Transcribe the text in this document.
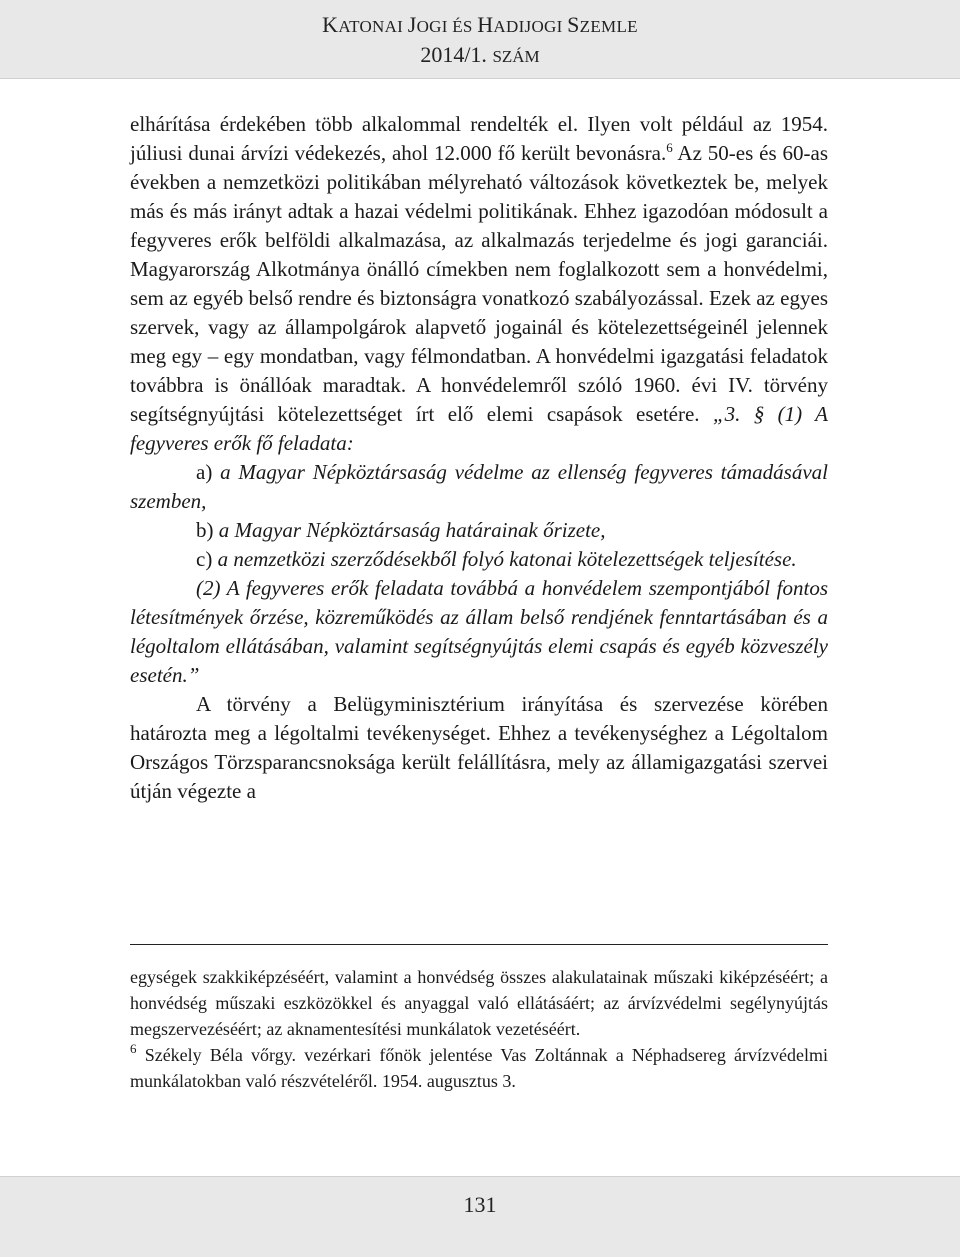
KATONAI JOGI ÉS HADIJOGI SZEMLE
2014/1. SZÁM

elhárítása érdekében több alkalommal rendelték el. Ilyen volt például az 1954. júliusi dunai árvízi védekezés, ahol 12.000 fő került bevonásra.$^6$ Az 50-es és 60-as években a nemzetközi politikában mélyreható változások következtek be, melyek más és más irányt adtak a hazai védelmi politikának. Ehhez igazodóan módosult a fegyveres erők belföldi alkalmazása, az alkalmazás terjedelme és jogi garanciái. Magyarország Alkotmánya önálló címekben nem foglalkozott sem a honvédelmi, sem az egyéb belső rendre és biztonságra vonatkozó szabályozással. Ezek az egyes szervek, vagy az állampolgárok alapvető jogainál és kötelezettségeinél jelennek meg egy – egy mondatban, vagy félmondatban. A honvédelmi igazgatási feladatok továbbra is önállóak maradtak. A honvédelemről szóló 1960. évi IV. törvény segítségnyújtási kötelezettséget írt elő elemi csapások esetére. „3. § (1) A fegyveres erők fő feladata:

a) a Magyar Népköztársaság védelme az ellenség fegyveres támadásával szemben,

b) a Magyar Népköztársaság határainak őrizete,

c) a nemzetközi szerződésekből folyó katonai kötelezettségek teljesítése.

(2) A fegyveres erők feladata továbbá a honvédelem szempontjából fontos létesítmények őrzése, közreműködés az állam belső rendjének fenntartásában és a légoltalom ellátásában, valamint segítségnyújtás elemi csapás és egyéb közveszély esetén.”

A törvény a Belügyminisztérium irányítása és szervezése körében határozta meg a légoltalmi tevékenységet. Ehhez a tevékenységhez a Légoltalom Országos Törzsparancsnoksága került felállításra, mely az államigazgatási szervei útján végezte a

egységek szakkiképzéséért, valamint a honvédség összes alakulatainak műszaki kiképzéséért; a honvédség műszaki eszközökkel és anyaggal való ellátásáért; az árvízvédelmi segélynyújtás megszervezéséért; az aknamentesítési munkálatok vezetéséért.

$^6$ Székely Béla vőrgy. vezérkari főnök jelentése Vas Zoltánnak a Néphadsereg árvízvédelmi munkálatokban való részvételéről. 1954. augusztus 3.

131
